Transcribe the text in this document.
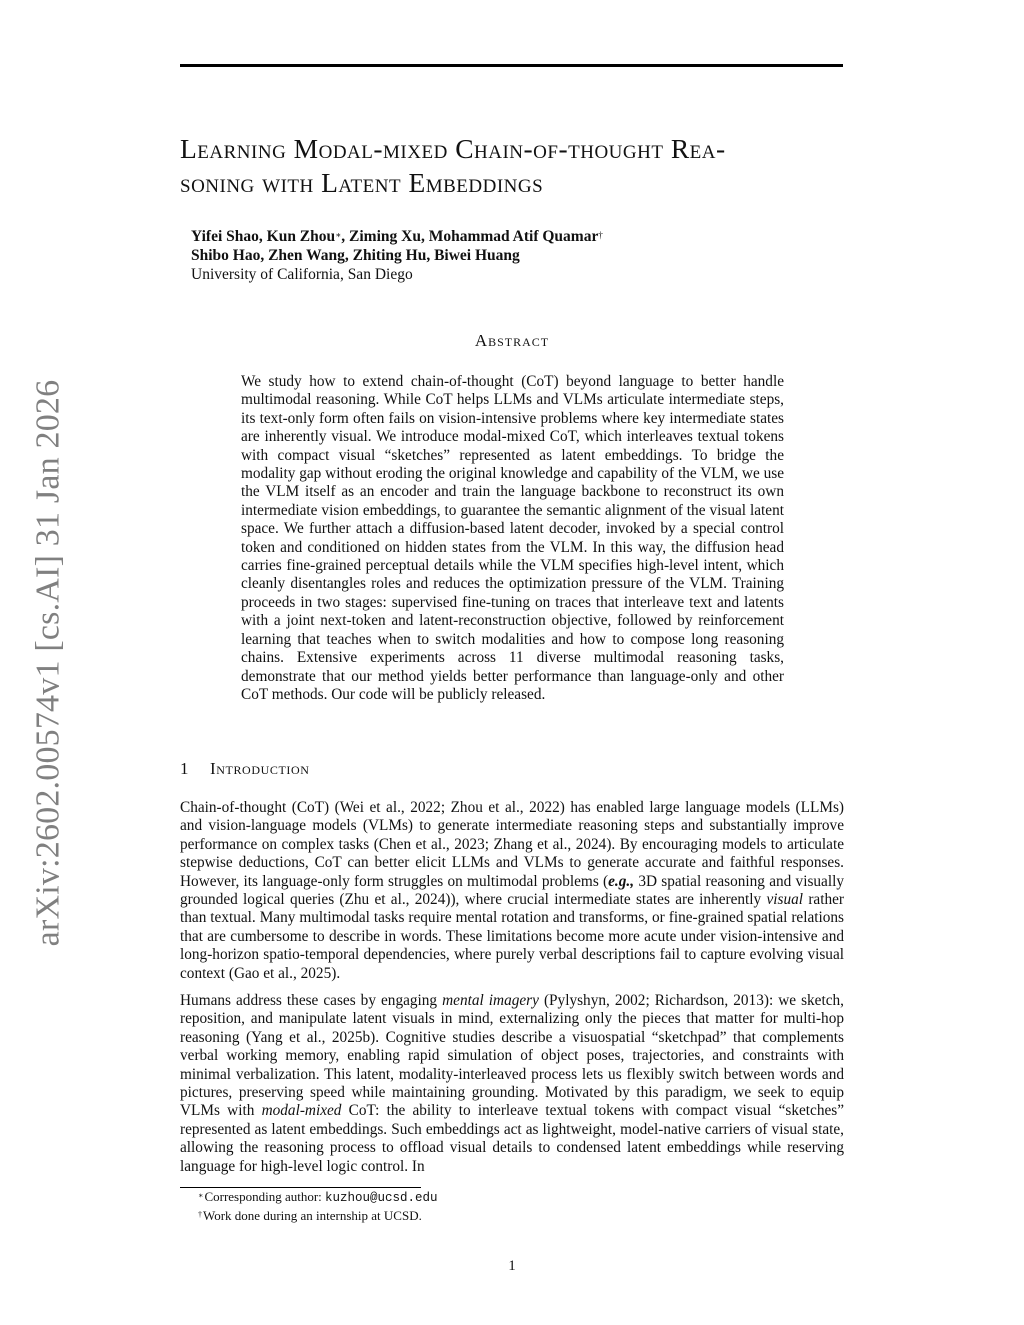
arXiv:2602.00574v1 [cs.AI] 31 Jan 2026
Learning Modal-mixed Chain-of-thought Rea-
soning with Latent Embeddings
Yifei Shao, Kun Zhou∗, Ziming Xu, Mohammad Atif Quamar†
Shibo Hao, Zhen Wang, Zhiting Hu, Biwei Huang
University of California, San Diego
Abstract
We study how to extend chain-of-thought (CoT) beyond language to better handle multimodal reasoning. While CoT helps LLMs and VLMs articulate intermediate steps, its text-only form often fails on vision-intensive problems where key intermediate states are inherently visual. We introduce modal-mixed CoT, which interleaves textual tokens with compact visual “sketches” represented as latent embeddings. To bridge the modality gap without eroding the original knowledge and capability of the VLM, we use the VLM itself as an encoder and train the language backbone to reconstruct its own intermediate vision embeddings, to guarantee the semantic alignment of the visual latent space. We further attach a diffusion-based latent decoder, invoked by a special control token and conditioned on hidden states from the VLM. In this way, the diffusion head carries fine-grained perceptual details while the VLM specifies high-level intent, which cleanly disentangles roles and reduces the optimization pressure of the VLM. Training proceeds in two stages: supervised fine-tuning on traces that interleave text and latents with a joint next-token and latent-reconstruction objective, followed by reinforcement learning that teaches when to switch modalities and how to compose long reasoning chains. Extensive experiments across 11 diverse multimodal reasoning tasks, demonstrate that our method yields better performance than language-only and other CoT methods. Our code will be publicly released.
1 Introduction
Chain-of-thought (CoT) (Wei et al., 2022; Zhou et al., 2022) has enabled large language models (LLMs) and vision-language models (VLMs) to generate intermediate reasoning steps and substantially improve performance on complex tasks (Chen et al., 2023; Zhang et al., 2024). By encouraging models to articulate stepwise deductions, CoT can better elicit LLMs and VLMs to generate accurate and faithful responses. However, its language-only form struggles on multimodal problems (e.g., 3D spatial reasoning and visually grounded logical queries (Zhu et al., 2024)), where crucial intermediate states are inherently visual rather than textual. Many multimodal tasks require mental rotation and transforms, or fine-grained spatial relations that are cumbersome to describe in words. These limitations become more acute under vision-intensive and long-horizon spatio-temporal dependencies, where purely verbal descriptions fail to capture evolving visual context (Gao et al., 2025).
Humans address these cases by engaging mental imagery (Pylyshyn, 2002; Richardson, 2013): we sketch, reposition, and manipulate latent visuals in mind, externalizing only the pieces that matter for multi-hop reasoning (Yang et al., 2025b). Cognitive studies describe a visuospatial “sketchpad” that complements verbal working memory, enabling rapid simulation of object poses, trajectories, and constraints with minimal verbalization. This latent, modality-interleaved process lets us flexibly switch between words and pictures, preserving speed while maintaining grounding. Motivated by this paradigm, we seek to equip VLMs with modal-mixed CoT: the ability to interleave textual tokens with compact visual “sketches” represented as latent embeddings. Such embeddings act as lightweight, model-native carriers of visual state, allowing the reasoning process to offload visual details to condensed latent embeddings while reserving language for high-level logic control. In
∗Corresponding author: kuzhou@ucsd.edu
†Work done during an internship at UCSD.
1
